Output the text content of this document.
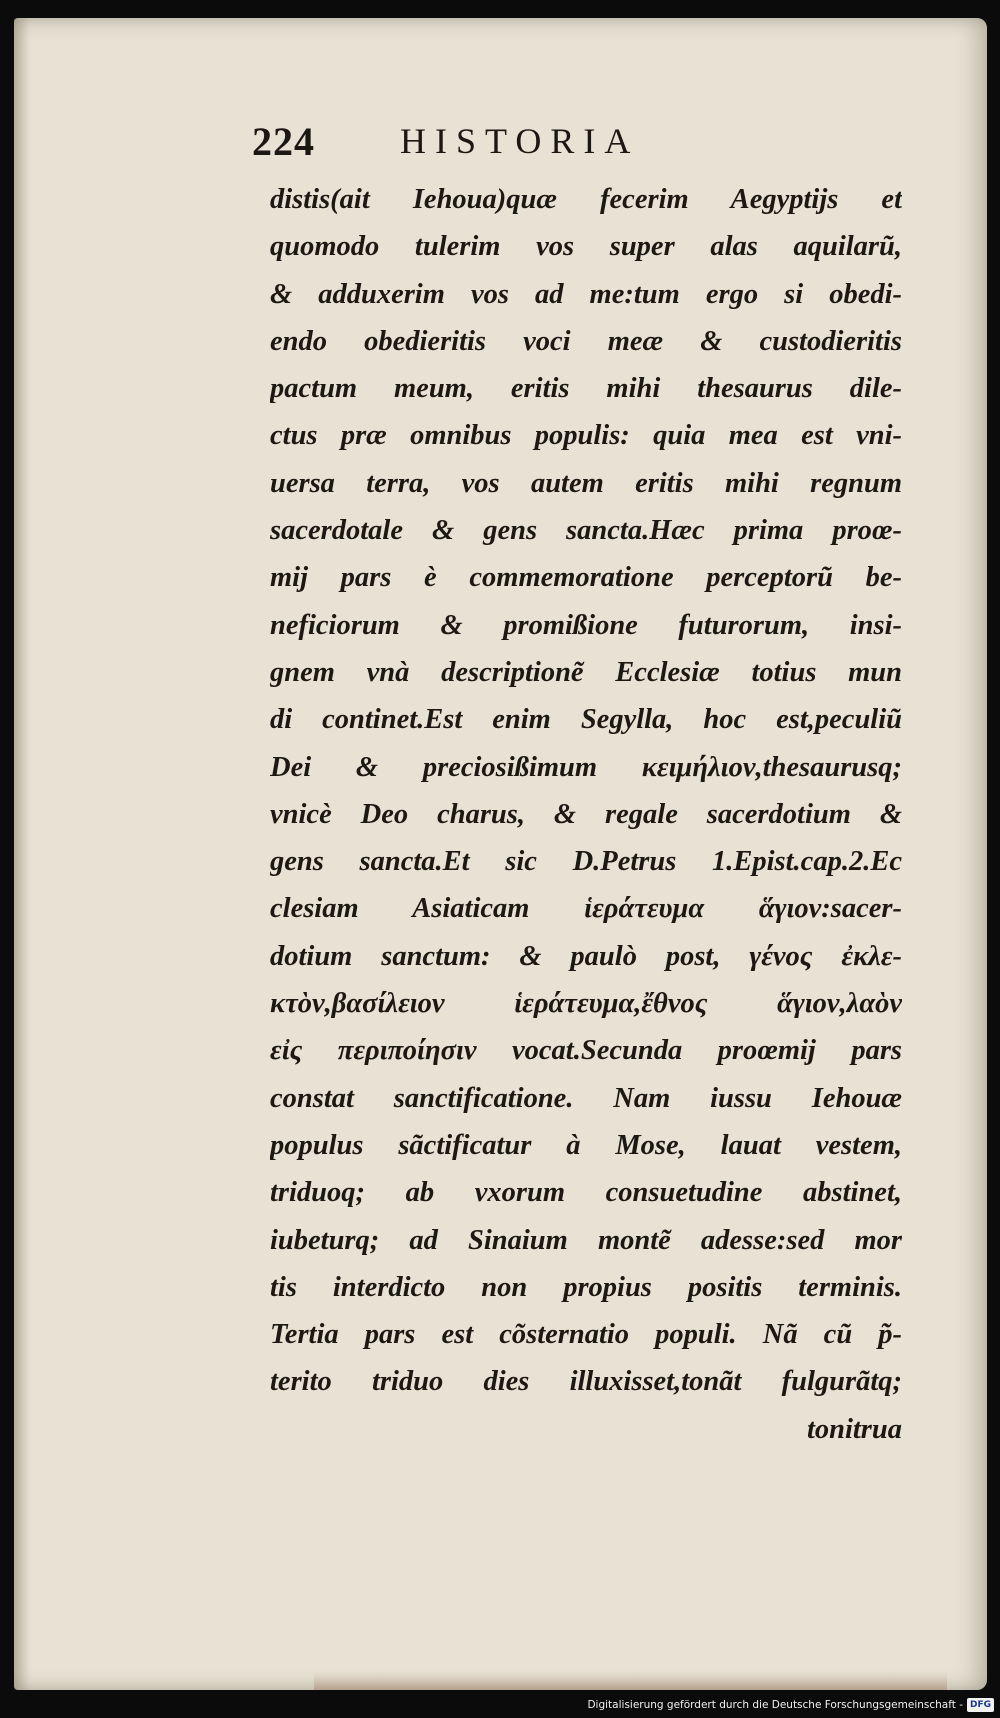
224 HISTORIA
distis(ait Iehoua)quæ fecerim Aegyptijs et
quomodo tulerim vos super alas aquilarũ,
& adduxerim vos ad me:tum ergo si obedi-
endo obedieritis voci meæ & custodieritis
pactum meum, eritis mihi thesaurus dile-
ctus præ omnibus populis: quia mea est vni-
uersa terra, vos autem eritis mihi regnum
sacerdotale & gens sancta.Hæc prima proœ-
mij pars è commemoratione perceptorũ be-
neficiorum & promißione futurorum, insi-
gnem vnà descriptionẽ Ecclesiæ totius mun
di continet.Est enim Segylla, hoc est,peculiũ
Dei & preciosißimum κειμήλιον,thesaurusq;
vnicè Deo charus, & regale sacerdotium &
gens sancta.Et sic D.Petrus 1.Epist.cap.2.Ec
clesiam Asiaticam ἱεράτευμα ἅγιον:sacer-
dotium sanctum: & paulò post, γένος ἐκλε-
κτὸν,βασίλειον ἱεράτευμα,ἔθνος ἅγιον,λαὸν
εἰς περιποίησιν vocat.Secunda proœmij pars
constat sanctificatione. Nam iussu Iehouæ
populus sãctificatur à Mose, lauat vestem,
triduoq; ab vxorum consuetudine abstinet,
iubeturq; ad Sinaium montẽ adesse:sed mor
tis interdicto non propius positis terminis.
Tertia pars est cõsternatio populi. Nã cũ p̃-
terito triduo dies illuxisset,tonãt fulgurãtq;
tonitrua
Digitalisierung gefördert durch die Deutsche Forschungsgemeinschaft - DFG
